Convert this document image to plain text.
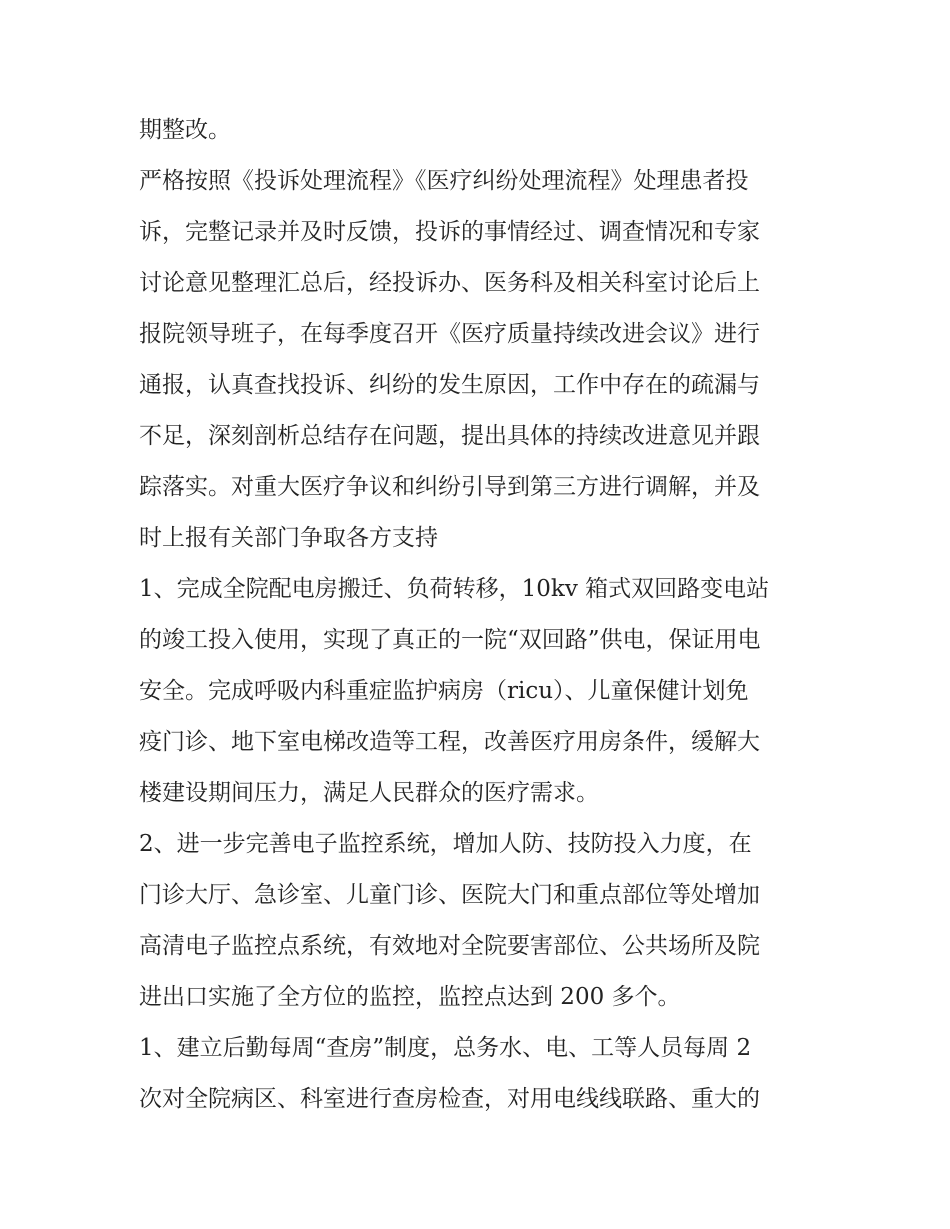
期整改。
严格按照《投诉处理流程》《医疗纠纷处理流程》处理患者投
诉，完整记录并及时反馈，投诉的事情经过、调查情况和专家
讨论意见整理汇总后，经投诉办、医务科及相关科室讨论后上
报院领导班子，在每季度召开《医疗质量持续改进会议》进行
通报，认真查找投诉、纠纷的发生原因，工作中存在的疏漏与
不足，深刻剖析总结存在问题，提出具体的持续改进意见并跟
踪落实。对重大医疗争议和纠纷引导到第三方进行调解，并及
时上报有关部门争取各方支持
1、完成全院配电房搬迁、负荷转移，10kv 箱式双回路变电站
的竣工投入使用，实现了真正的一院“双回路”供电，保证用电
安全。完成呼吸内科重症监护病房（ricu）、儿童保健计划免
疫门诊、地下室电梯改造等工程，改善医疗用房条件，缓解大
楼建设期间压力，满足人民群众的医疗需求。
2、进一步完善电子监控系统，增加人防、技防投入力度，在
门诊大厅、急诊室、儿童门诊、医院大门和重点部位等处增加
高清电子监控点系统，有效地对全院要害部位、公共场所及院
进出口实施了全方位的监控，监控点达到 200 多个。
1、建立后勤每周“查房”制度，总务水、电、工等人员每周 2
次对全院病区、科室进行查房检查，对用电线线联路、重大的
